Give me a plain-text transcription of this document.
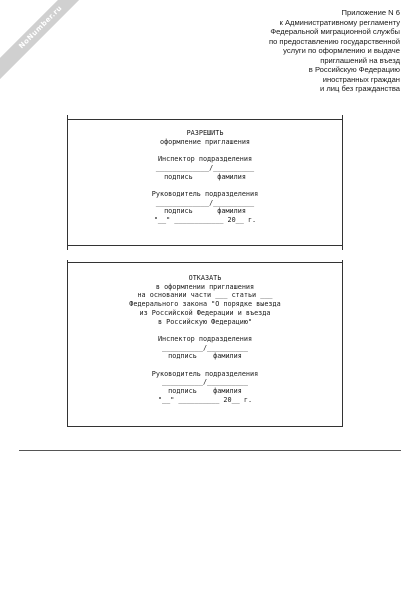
NoNumber.ru	Приложение N 6
к Административному регламенту
Федеральной миграционной службы
по предоставлению государственной
услуги по оформлению и выдаче
приглашений на въезд
в Российскую Федерацию
иностранных граждан
и лиц без гражданства
РАЗРЕШИТЬ
оформление приглашения
Инспектор подразделения
_____________/__________
подпись      фамилия
Руководитель подразделения
_____________/__________
подпись      фамилия
"__" ____________ 20__ г.
ОТКАЗАТЬ
в оформлении приглашения
на основании части ___ статьи ___
Федерального закона "О порядке выезда
из Российской Федерации и въезда
в Российскую Федерацию"
Инспектор подразделения
__________/__________
подпись    фамилия
Руководитель подразделения
__________/__________
подпись    фамилия
"__" __________ 20__ г.
